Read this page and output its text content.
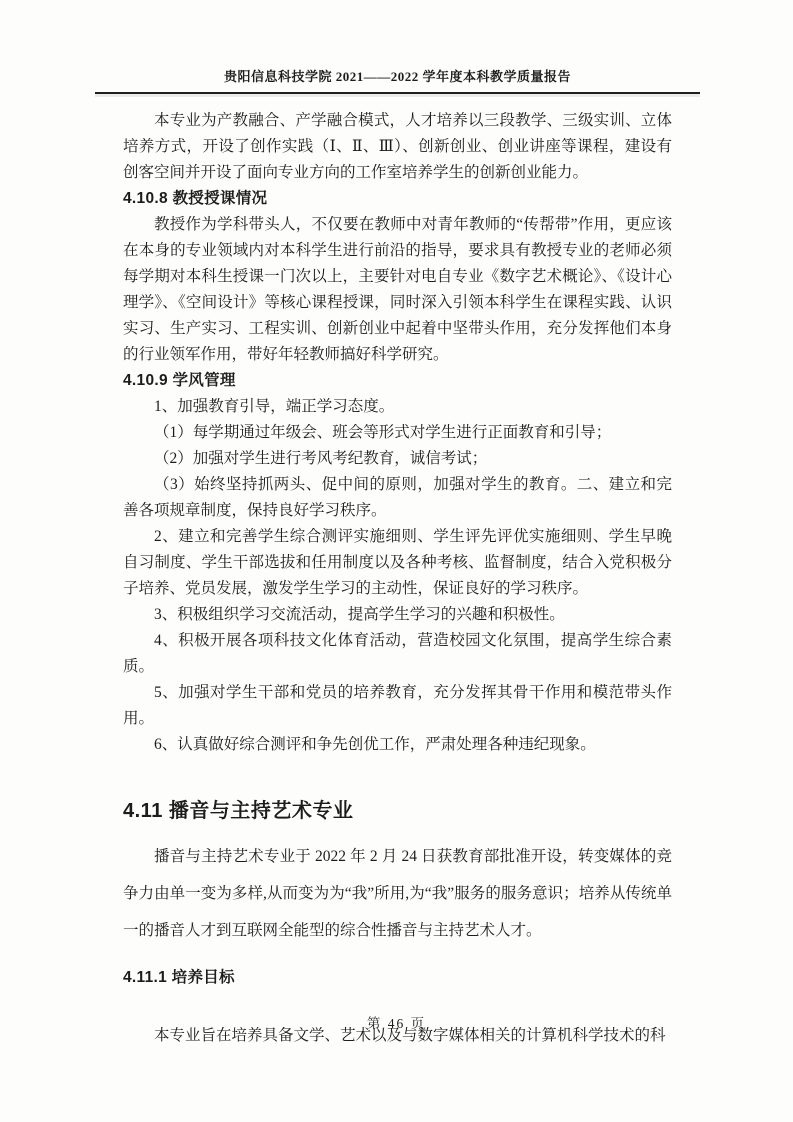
贵阳信息科技学院 2021——2022 学年度本科教学质量报告

本专业为产教融合、产学融合模式，人才培养以三段教学、三级实训、立体培养方式，开设了创作实践（Ⅰ、Ⅱ、Ⅲ）、创新创业、创业讲座等课程，建设有创客空间并开设了面向专业方向的工作室培养学生的创新创业能力。

4.10.8 教授授课情况

教授作为学科带头人，不仅要在教师中对青年教师的“传帮带”作用，更应该在本身的专业领域内对本科学生进行前沿的指导，要求具有教授专业的老师必须每学期对本科生授课一门次以上，主要针对电自专业《数字艺术概论》、《设计心理学》、《空间设计》等核心课程授课，同时深入引领本科学生在课程实践、认识实习、生产实习、工程实训、创新创业中起着中坚带头作用，充分发挥他们本身的行业领军作用，带好年轻教师搞好科学研究。

4.10.9 学风管理

1、加强教育引导，端正学习态度。

（1）每学期通过年级会、班会等形式对学生进行正面教育和引导；

（2）加强对学生进行考风考纪教育，诚信考试；

（3）始终坚持抓两头、促中间的原则，加强对学生的教育。二、建立和完善各项规章制度，保持良好学习秩序。

2、建立和完善学生综合测评实施细则、学生评先评优实施细则、学生早晚自习制度、学生干部选拔和任用制度以及各种考核、监督制度，结合入党积极分子培养、党员发展，激发学生学习的主动性，保证良好的学习秩序。

3、积极组织学习交流活动，提高学生学习的兴趣和积极性。

4、积极开展各项科技文化体育活动，营造校园文化氛围，提高学生综合素质。

5、加强对学生干部和党员的培养教育，充分发挥其骨干作用和模范带头作用。

6、认真做好综合测评和争先创优工作，严肃处理各种违纪现象。

4.11 播音与主持艺术专业

播音与主持艺术专业于 2022 年 2 月 24 日获教育部批准开设，转变媒体的竞争力由单一变为多样,从而变为为“我”所用,为“我”服务的服务意识；培养从传统单一的播音人才到互联网全能型的综合性播音与主持艺术人才。

4.11.1 培养目标

本专业旨在培养具备文学、艺术以及与数字媒体相关的计算机科学技术的科

第 46 页
